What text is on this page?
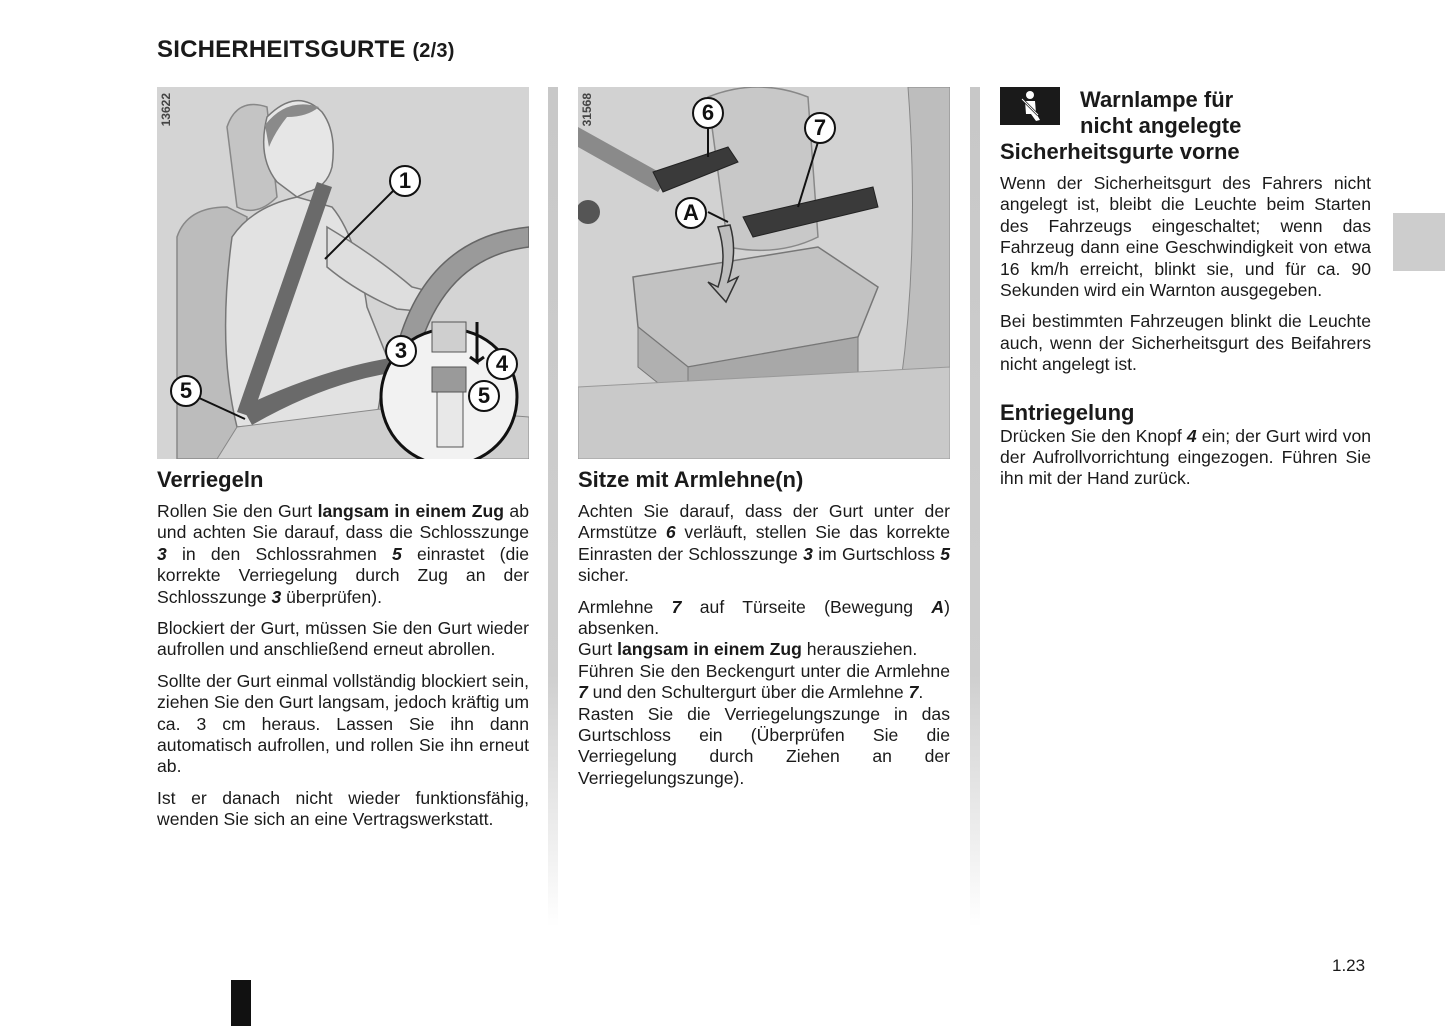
SICHERHEITSGURTE (2/3)
13622
1
3
4
5	5
Verriegeln

Rollen Sie den Gurt langsam in einem Zug ab und achten Sie darauf, dass die Schlosszunge 3 in den Schlossrahmen 5 einrastet (die korrekte Verriegelung durch Zug an der Schlosszunge 3 überprüfen).

Blockiert der Gurt, müssen Sie den Gurt wieder aufrollen und anschließend erneut abrollen.

Sollte der Gurt einmal vollständig blockiert sein, ziehen Sie den Gurt langsam, jedoch kräftig um ca. 3 cm heraus. Lassen Sie ihn dann automatisch aufrollen, und rollen Sie ihn erneut ab.

Ist er danach nicht wieder funktionsfähig, wenden Sie sich an eine Vertragswerkstatt.

31568	6
7
A
Sitze mit Armlehne(n)

Achten Sie darauf, dass der Gurt unter der Armstütze 6 verläuft, stellen Sie das korrekte Einrasten der Schlosszunge 3 im Gurtschloss 5 sicher.

Armlehne 7 auf Türseite (Bewegung A) absenken.

Gurt langsam in einem Zug herausziehen.

Führen Sie den Beckengurt unter die Armlehne 7 und den Schultergurt über die Armlehne 7.

Rasten Sie die Verriegelungszunge in das Gurtschloss ein (Überprüfen Sie die Verriegelung durch Ziehen an der Verriegelungszunge).

Warnlampe für
nicht angelegte
Sicherheitsgurte vorne

Wenn der Sicherheitsgurt des Fahrers nicht angelegt ist, bleibt die Leuchte beim Starten des Fahrzeugs eingeschaltet; wenn das Fahrzeug dann eine Geschwindigkeit von etwa 16 km/h erreicht, blinkt sie, und für ca. 90 Sekunden wird ein Warnton ausgegeben.

Bei bestimmten Fahrzeugen blinkt die Leuchte auch, wenn der Sicherheitsgurt des Beifahrers nicht angelegt ist.

Entriegelung

Drücken Sie den Knopf 4 ein; der Gurt wird von der Aufrollvorrichtung eingezogen. Führen Sie ihn mit der Hand zurück.

1.23
